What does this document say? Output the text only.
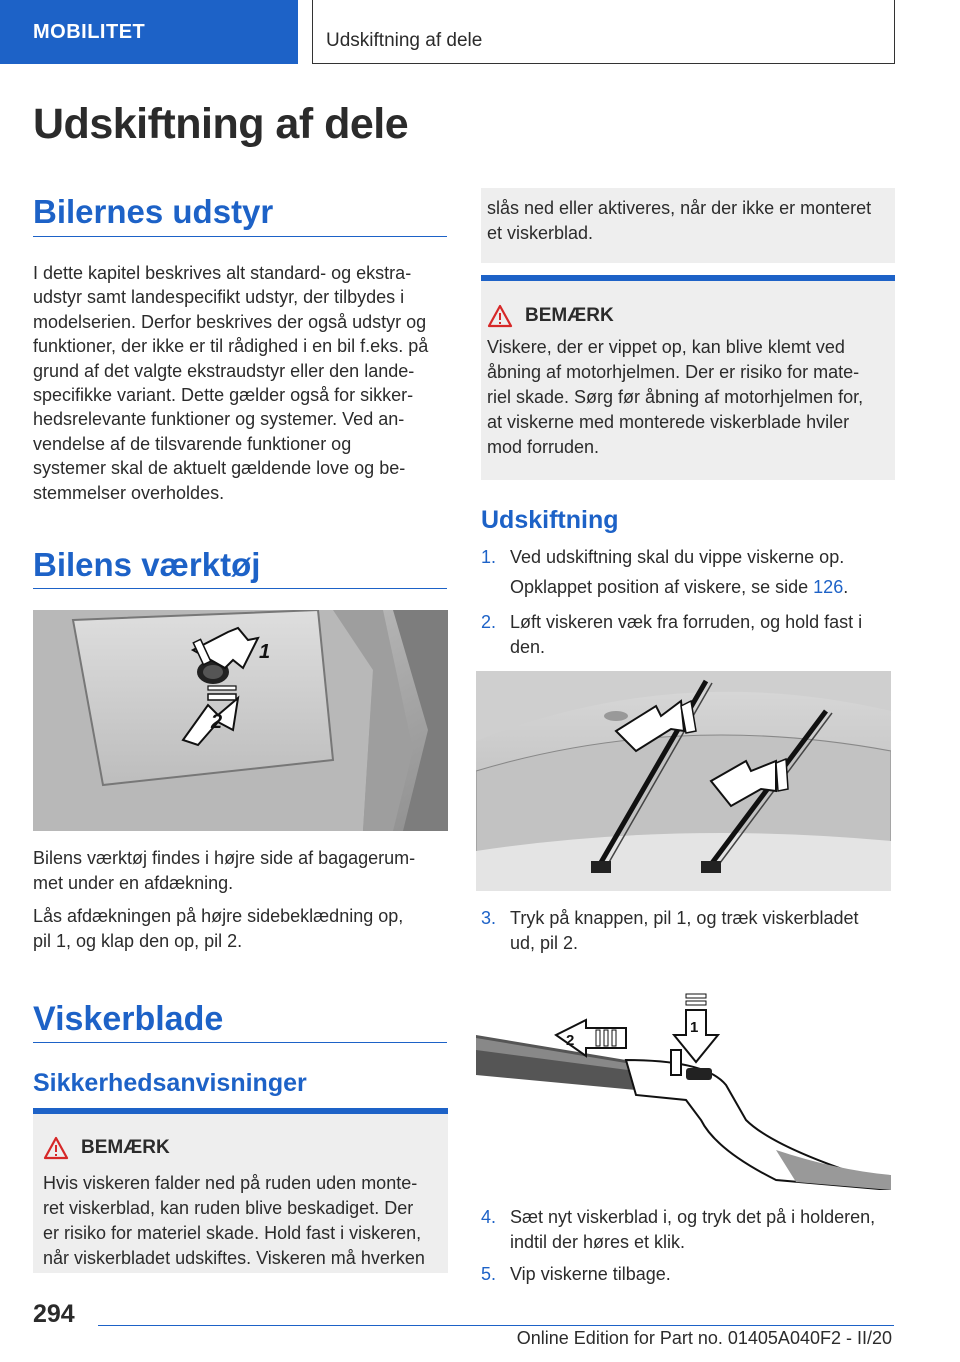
MOBILITET	Udskiftning af dele
Udskiftning af dele
Bilernes udstyr

I dette kapitel beskrives alt standard- og ekstra-
udstyr samt landespecifikt udstyr, der tilbydes i
modelserien. Derfor beskrives der også udstyr og
funktioner, der ikke er til rådighed i en bil f.eks. på
grund af det valgte ekstraudstyr eller den lande-
specifikke variant. Dette gælder også for sikker-
hedsrelevante funktioner og systemer. Ved an-
vendelse af de tilsvarende funktioner og
systemer skal de aktuelt gældende love og be-
stemmelser overholdes.

Bilens værktøj
1
2

Bilens værktøj findes i højre side af bagagerum-
met under en afdækning.

Lås afdækningen på højre sidebeklædning op,
pil 1, og klap den op, pil 2.

Viskerblade
Sikkerhedsanvisninger
BEMÆRK

Hvis viskeren falder ned på ruden uden monte-
ret viskerblad, kan ruden blive beskadiget. Der
er risiko for materiel skade. Hold fast i viskeren,
når viskerbladet udskiftes. Viskeren må hverken

slås ned eller aktiveres, når der ikke er monteret
et viskerblad.

BEMÆRK

Viskere, der er vippet op, kan blive klemt ved
åbning af motorhjelmen. Der er risiko for mate-
riel skade. Sørg før åbning af motorhjelmen for,
at viskerne med monterede viskerblade hviler
mod forruden.

Udskiftning
1. Ved udskiftning skal du vippe viskerne op.
Opklappet position af viskere, se side 126.
2. Løft viskeren væk fra forruden, og hold fast i
den.
3. Tryk på knappen, pil 1, og træk viskerbladet
ud, pil 2.
1
2
4. Sæt nyt viskerblad i, og tryk det på i holderen,
indtil der høres et klik.
5. Vip viskerne tilbage.
294
Online Edition for Part no. 01405A040F2 - II/20
